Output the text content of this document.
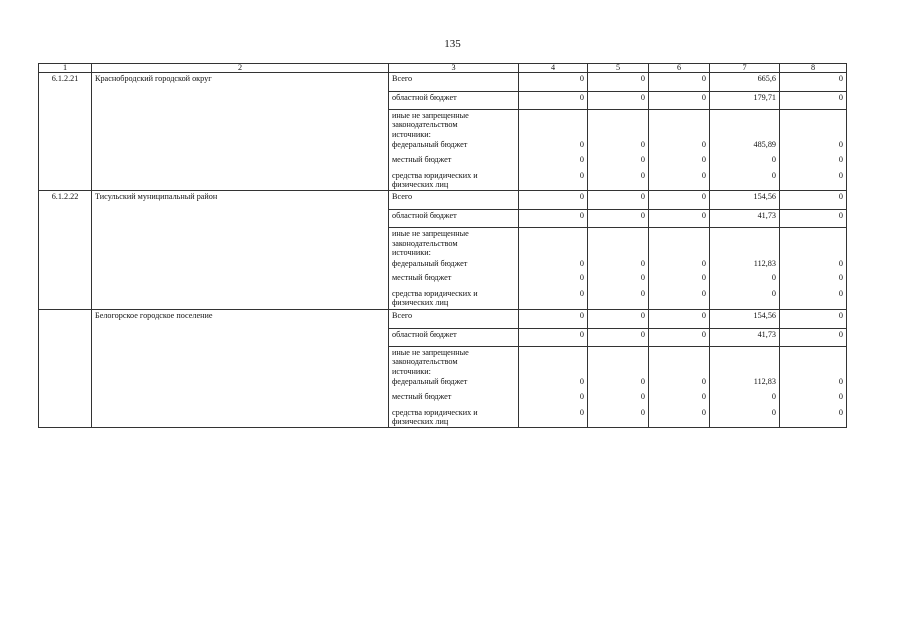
135
1	2	3	4	5	6	7	8
6.1.2.21	Краснобродский городской округ	Всего	0	0	0	665,6	0
		областной бюджет	0	0	0	179,71	0

		иные не запрещенные
законодательством
источники:
федеральный бюджет	0	0	0	485,89	0
		местный бюджет	0	0	0	0	0

		средства юридических и
физических лиц	0	0	0	0	0
6.1.2.22	Тисульский муниципальный район	Всего	0	0	0	154,56	0
		областной бюджет	0	0	0	41,73	0

		иные не запрещенные
законодательством
источники:
федеральный бюджет	0	0	0	112,83	0
		местный бюджет	0	0	0	0	0

		средства юридических и
физических лиц	0	0	0	0	0
	Белогорское городское поселение	Всего	0	0	0	154,56	0
		областной бюджет	0	0	0	41,73	0

		иные не запрещенные
законодательством
источники:
федеральный бюджет	0	0	0	112,83	0
		местный бюджет	0	0	0	0	0

		средства юридических и
физических лиц	0	0	0	0	0
